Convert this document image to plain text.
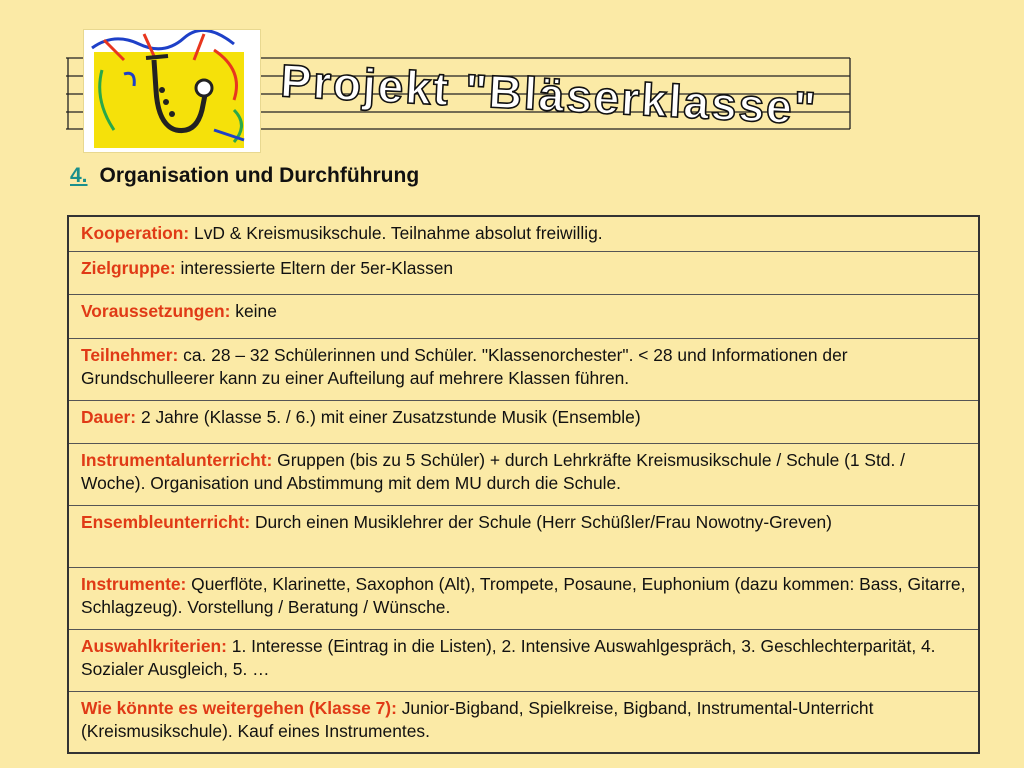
Projekt "Bläserklasse"
4. Organisation und Durchführung
Kooperation: LvD & Kreismusikschule. Teilnahme absolut freiwillig.
Zielgruppe: interessierte Eltern der 5er-Klassen
Voraussetzungen: keine
Teilnehmer: ca. 28 – 32 Schülerinnen und Schüler. "Klassenorchester". < 28 und Informationen der Grundschulleerer kann zu einer Aufteilung auf mehrere Klassen führen.
Dauer: 2 Jahre (Klasse 5. / 6.) mit einer Zusatzstunde Musik (Ensemble)
Instrumentalunterricht: Gruppen (bis zu 5 Schüler) + durch Lehrkräfte Kreismusikschule / Schule (1 Std. / Woche). Organisation und Abstimmung mit dem MU durch die Schule.
Ensembleunterricht: Durch einen Musiklehrer der Schule (Herr Schüßler/Frau Nowotny-Greven)
Instrumente: Querflöte, Klarinette, Saxophon (Alt), Trompete, Posaune, Euphonium (dazu kommen: Bass, Gitarre, Schlagzeug). Vorstellung / Beratung / Wünsche.
Auswahlkriterien: 1. Interesse (Eintrag in die Listen), 2. Intensive Auswahlgespräch, 3. Geschlechterparität, 4. Sozialer Ausgleich, 5. …
Wie könnte es weitergehen (Klasse 7): Junior-Bigband, Spielkreise, Bigband, Instrumental-Unterricht (Kreismusikschule). Kauf eines Instrumentes.
